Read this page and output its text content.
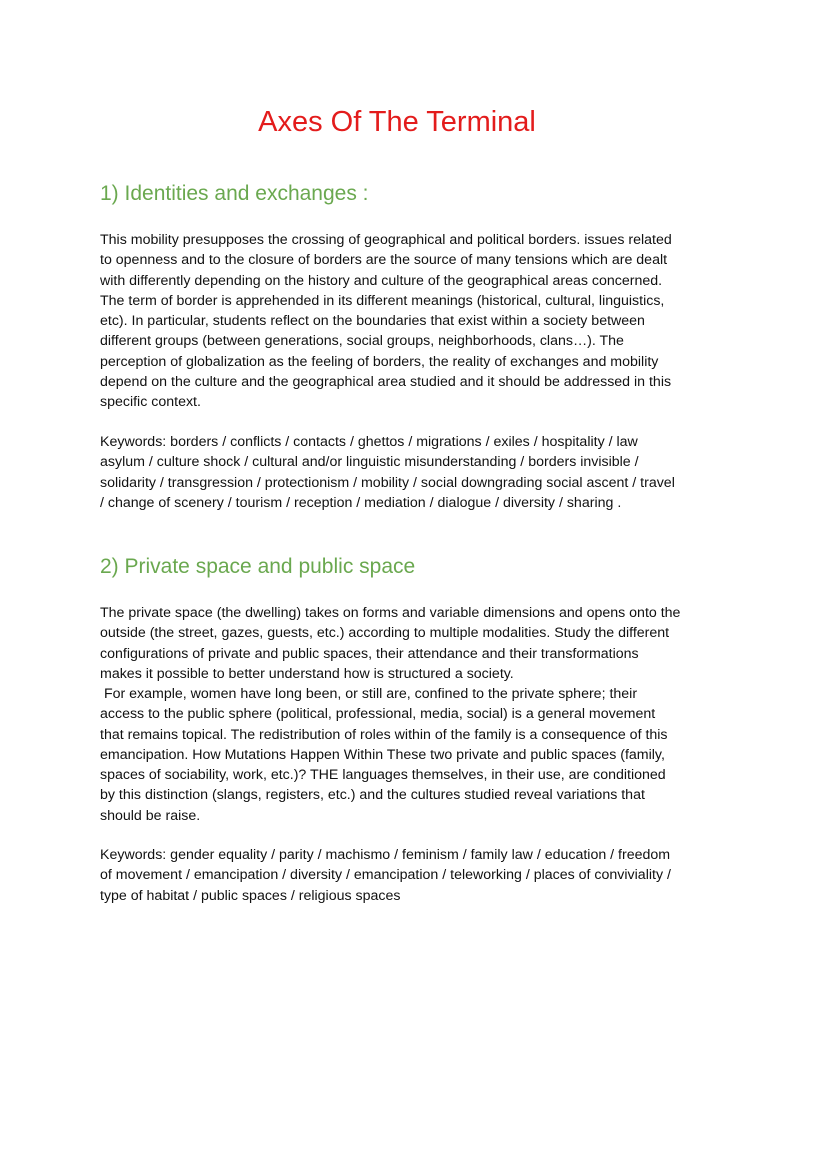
Axes Of The Terminal
1) Identities and exchanges :

This mobility presupposes the crossing of geographical and political borders. issues related
to openness and to the closure of borders are the source of many tensions which are dealt
with differently depending on the history and culture of the geographical areas concerned.
The term of border is apprehended in its different meanings (historical, cultural, linguistics,
etc). In particular, students reflect on the boundaries that exist within a society between
different groups (between generations, social groups, neighborhoods, clans…). The
perception of globalization as the feeling of borders, the reality of exchanges and mobility
depend on the culture and the geographical area studied and it should be addressed in this
specific context.

Keywords: borders / conflicts / contacts / ghettos / migrations / exiles / hospitality / law
asylum / culture shock / cultural and/or linguistic misunderstanding / borders invisible /
solidarity / transgression / protectionism / mobility / social downgrading social ascent / travel
/ change of scenery / tourism / reception / mediation / dialogue / diversity / sharing .

2) Private space and public space

The private space (the dwelling) takes on forms and variable dimensions and opens onto the
outside (the street, gazes, guests, etc.) according to multiple modalities. Study the different
configurations of private and public spaces, their attendance and their transformations
makes it possible to better understand how is structured a society.
For example, women have long been, or still are, confined to the private sphere; their
access to the public sphere (political, professional, media, social) is a general movement
that remains topical. The redistribution of roles within of the family is a consequence of this
emancipation. How Mutations Happen Within These two private and public spaces (family,
spaces of sociability, work, etc.)? THE languages themselves, in their use, are conditioned
by this distinction (slangs, registers, etc.) and the cultures studied reveal variations that
should be raise.

Keywords: gender equality / parity / machismo / feminism / family law / education / freedom
of movement / emancipation / diversity / emancipation / teleworking / places of conviviality /
type of habitat / public spaces / religious spaces
